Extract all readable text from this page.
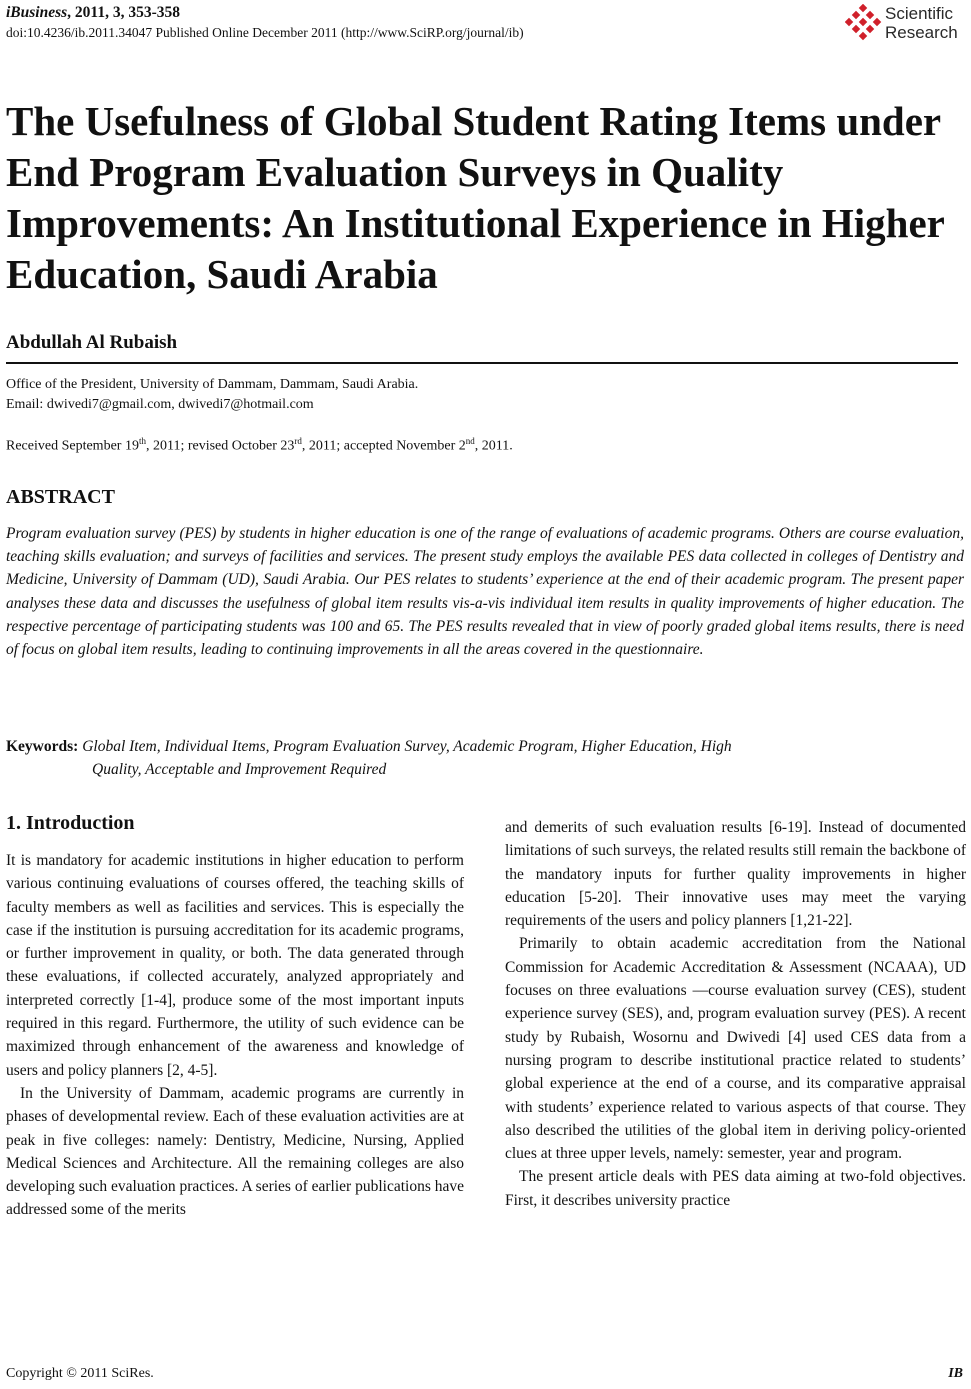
iBusiness, 2011, 3, 353-358
doi:10.4236/ib.2011.34047 Published Online December 2011 (http://www.SciRP.org/journal/ib)
Scientific
Research
The Usefulness of Global Student Rating Items under End Program Evaluation Surveys in Quality Improvements: An Institutional Experience in Higher Education, Saudi Arabia
Abdullah Al Rubaish
Office of the President, University of Dammam, Dammam, Saudi Arabia.
Email: dwivedi7@gmail.com, dwivedi7@hotmail.com
Received September 19th, 2011; revised October 23rd, 2011; accepted November 2nd, 2011.
ABSTRACT

Program evaluation survey (PES) by students in higher education is one of the range of evaluations of academic programs. Others are course evaluation, teaching skills evaluation; and surveys of facilities and services. The present study employs the available PES data collected in colleges of Dentistry and Medicine, University of Dammam (UD), Saudi Arabia. Our PES relates to students’ experience at the end of their academic program. The present paper analyses these data and discusses the usefulness of global item results vis-a-vis individual item results in quality improvements of higher education. The respective percentage of participating students was 100 and 65. The PES results revealed that in view of poorly graded global items results, there is need of focus on global item results, leading to continuing improvements in all the areas covered in the questionnaire.

Keywords: Global Item, Individual Items, Program Evaluation Survey, Academic Program, Higher Education, High
Quality, Acceptable and Improvement Required
1. Introduction

It is mandatory for academic institutions in higher education to perform various continuing evaluations of courses offered, the teaching skills of faculty members as well as facilities and services. This is especially the case if the institution is pursuing accreditation for its academic programs, or further improvement in quality, or both. The data generated through these evaluations, if collected accurately, analyzed appropriately and interpreted correctly [1-4], produce some of the most important inputs required in this regard. Furthermore, the utility of such evidence can be maximized through enhancement of the awareness and knowledge of users and policy planners [2, 4-5].

In the University of Dammam, academic programs are currently in phases of developmental review. Each of these evaluation activities are at peak in five colleges: namely: Dentistry, Medicine, Nursing, Applied Medical Sciences and Architecture. All the remaining colleges are also developing such evaluation practices. A series of earlier publications have addressed some of the merits

and demerits of such evaluation results [6-19]. Instead of documented limitations of such surveys, the related results still remain the backbone of the mandatory inputs for further quality improvements in higher education [5-20]. Their innovative uses may meet the varying requirements of the users and policy planners [1,21-22].

Primarily to obtain academic accreditation from the National Commission for Academic Accreditation & Assessment (NCAAA), UD focuses on three evaluations —course evaluation survey (CES), student experience survey (SES), and, program evaluation survey (PES). A recent study by Rubaish, Wosornu and Dwivedi [4] used CES data from a nursing program to describe institutional practice related to students’ global experience at the end of a course, and its comparative appraisal with students’ experience related to various aspects of that course. They also described the utilities of the global item in deriving policy-oriented clues at three upper levels, namely: semester, year and program.

The present article deals with PES data aiming at two-fold objectives. First, it describes university practice

Copyright © 2011 SciRes.	IB
